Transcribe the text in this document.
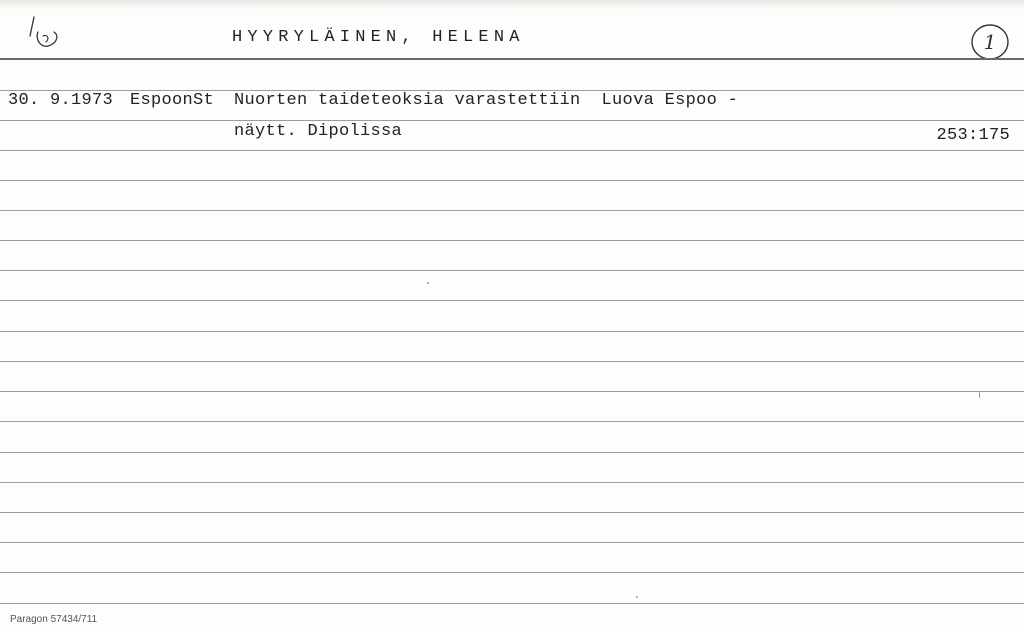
HYYRYLÄINEN, HELENA	1
30. 9.1973 EspoonSt Nuorten taideteoksia varastettiin  Luova Espoo -
näytt. Dipolissa	253:175
Paragon 57434/711
